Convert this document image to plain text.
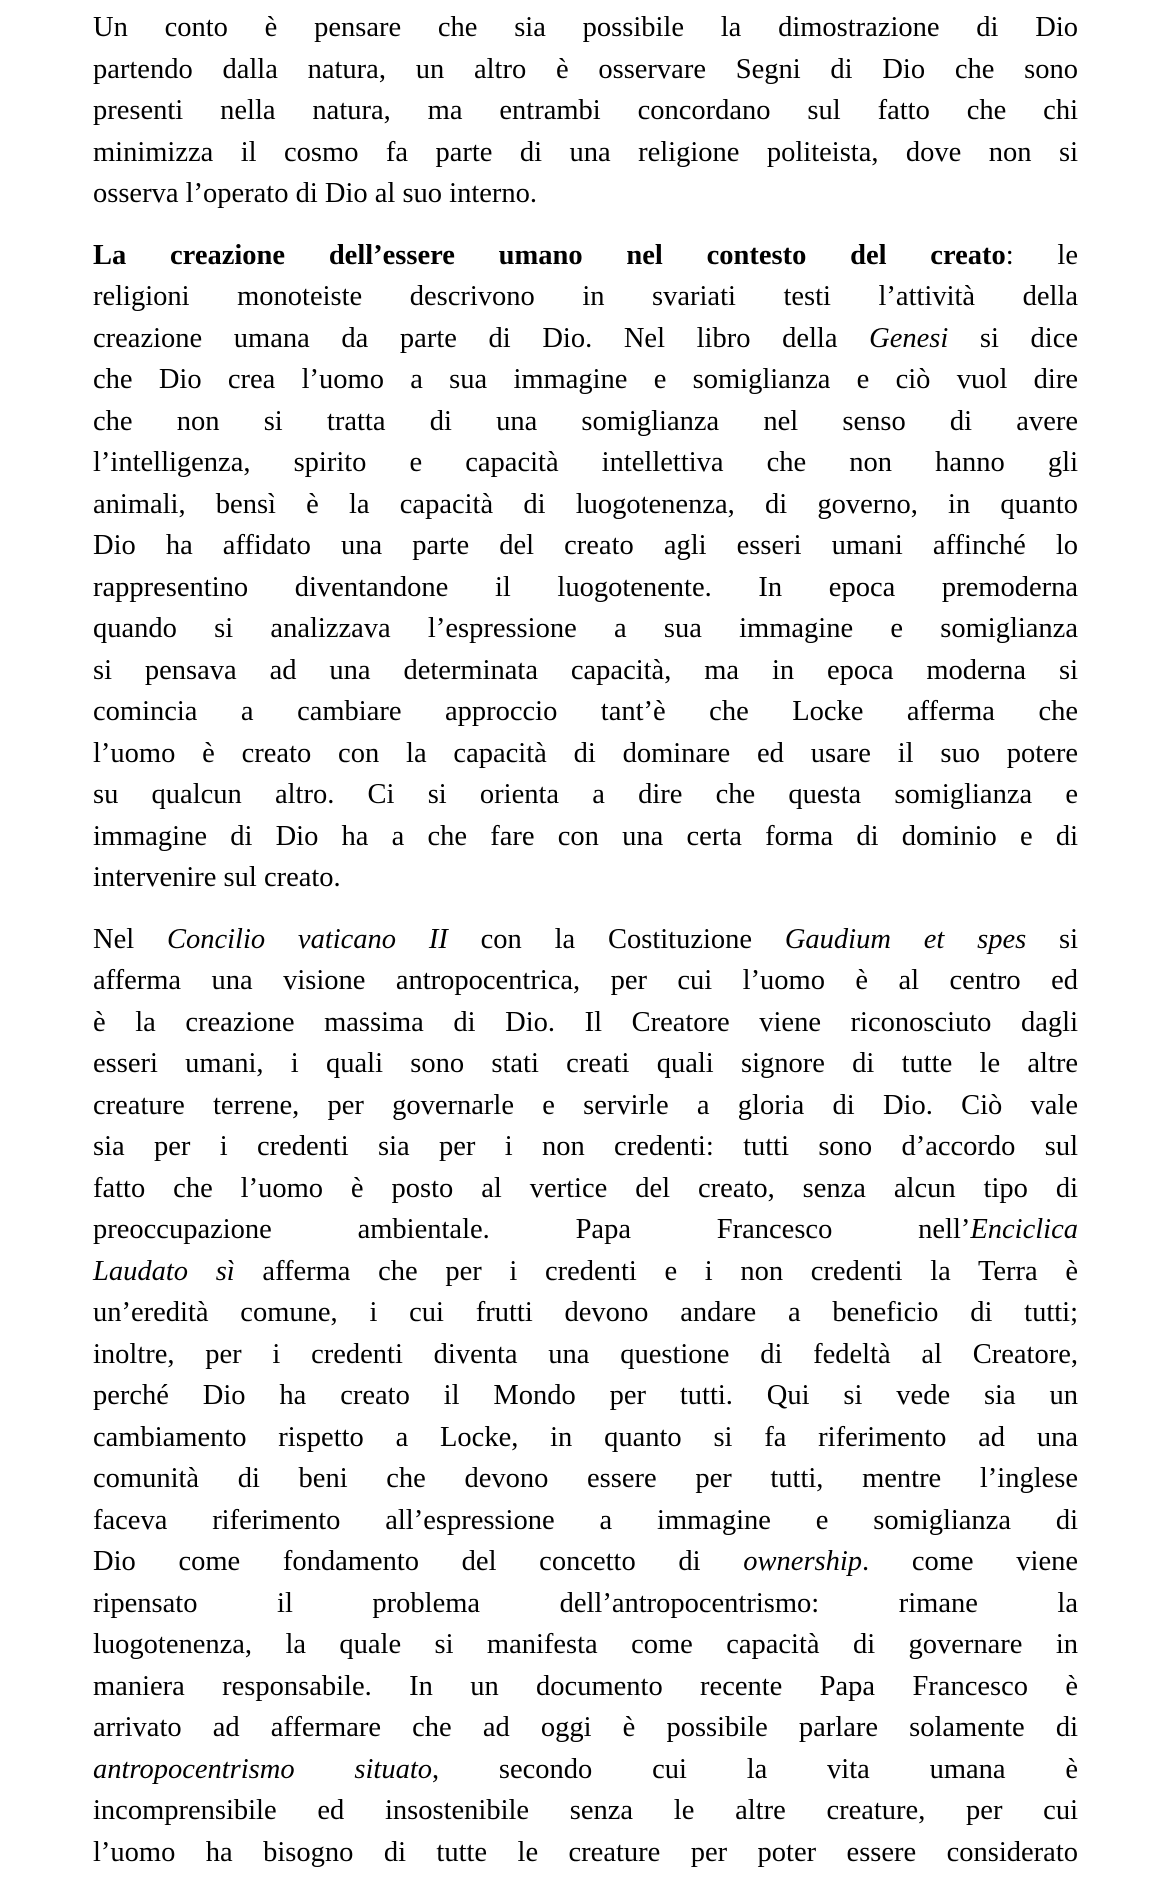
Un conto è pensare che sia possibile la dimostrazione di Dio
partendo dalla natura, un altro è osservare Segni di Dio che sono
presenti nella natura, ma entrambi concordano sul fatto che chi
minimizza il cosmo fa parte di una religione politeista, dove non si
osserva l’operato di Dio al suo interno.

La creazione dell’essere umano nel contesto del creato: le
religioni monoteiste descrivono in svariati testi l’attività della
creazione umana da parte di Dio. Nel libro della Genesi si dice
che Dio crea l’uomo a sua immagine e somiglianza e ciò vuol dire
che non si tratta di una somiglianza nel senso di avere
l’intelligenza, spirito e capacità intellettiva che non hanno gli
animali, bensì è la capacità di luogotenenza, di governo, in quanto
Dio ha affidato una parte del creato agli esseri umani affinché lo
rappresentino diventandone il luogotenente. In epoca premoderna
quando si analizzava l’espressione a sua immagine e somiglianza
si pensava ad una determinata capacità, ma in epoca moderna si
comincia a cambiare approccio tant’è che Locke afferma che
l’uomo è creato con la capacità di dominare ed usare il suo potere
su qualcun altro. Ci si orienta a dire che questa somiglianza e
immagine di Dio ha a che fare con una certa forma di dominio e di
intervenire sul creato.

Nel Concilio vaticano II con la Costituzione Gaudium et spes si
afferma una visione antropocentrica, per cui l’uomo è al centro ed
è la creazione massima di Dio. Il Creatore viene riconosciuto dagli
esseri umani, i quali sono stati creati quali signore di tutte le altre
creature terrene, per governarle e servirle a gloria di Dio. Ciò vale
sia per i credenti sia per i non credenti: tutti sono d’accordo sul
fatto che l’uomo è posto al vertice del creato, senza alcun tipo di
preoccupazione ambientale. Papa Francesco nell’Enciclica
Laudato sì afferma che per i credenti e i non credenti la Terra è
un’eredità comune, i cui frutti devono andare a beneficio di tutti;
inoltre, per i credenti diventa una questione di fedeltà al Creatore,
perché Dio ha creato il Mondo per tutti. Qui si vede sia un
cambiamento rispetto a Locke, in quanto si fa riferimento ad una
comunità di beni che devono essere per tutti, mentre l’inglese
faceva riferimento all’espressione a immagine e somiglianza di
Dio come fondamento del concetto di ownership. come viene
ripensato il problema dell’antropocentrismo: rimane la
luogotenenza, la quale si manifesta come capacità di governare in
maniera responsabile. In un documento recente Papa Francesco è
arrivato ad affermare che ad oggi è possibile parlare solamente di
antropocentrismo situato, secondo cui la vita umana è
incomprensibile ed insostenibile senza le altre creature, per cui
l’uomo ha bisogno di tutte le creature per poter essere considerato
